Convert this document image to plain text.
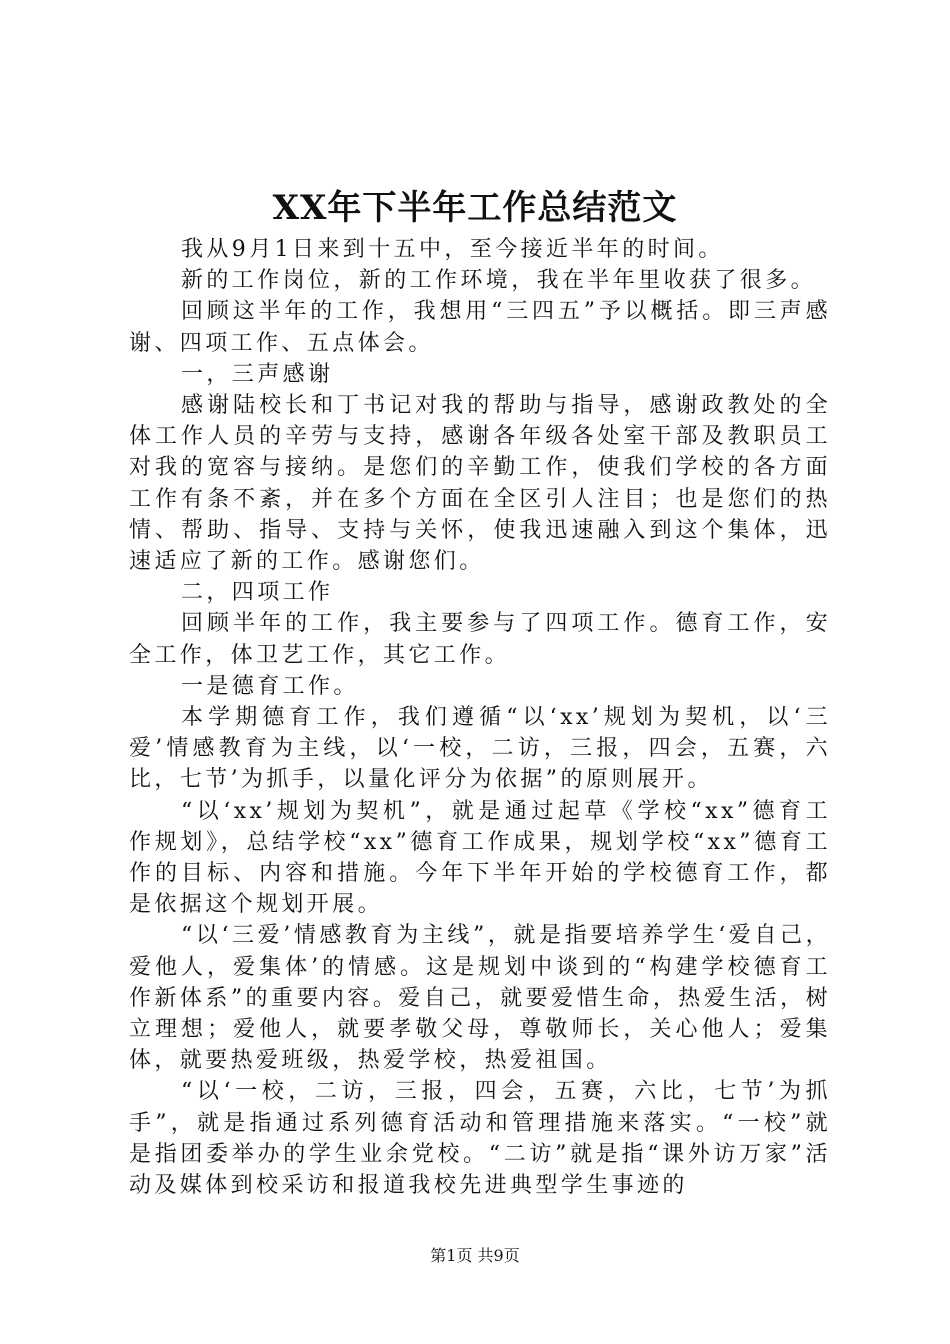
XX年下半年工作总结范文

我从9月1日来到十五中，至今接近半年的时间。

新的工作岗位，新的工作环境，我在半年里收获了很多。

回顾这半年的工作，我想用“三四五”予以概括。即三声感谢、四项工作、五点体会。

一，三声感谢

感谢陆校长和丁书记对我的帮助与指导，感谢政教处的全体工作人员的辛劳与支持，感谢各年级各处室干部及教职员工对我的宽容与接纳。是您们的辛勤工作，使我们学校的各方面工作有条不紊，并在多个方面在全区引人注目；也是您们的热情、帮助、指导、支持与关怀，使我迅速融入到这个集体，迅速适应了新的工作。感谢您们。

二，四项工作

回顾半年的工作，我主要参与了四项工作。德育工作，安全工作，体卫艺工作，其它工作。

一是德育工作。

本学期德育工作，我们遵循“以‘xx’规划为契机，以‘三爱’情感教育为主线，以‘一校，二访，三报，四会，五赛，六比，七节’为抓手，以量化评分为依据”的原则展开。

“以‘xx’规划为契机”，就是通过起草《学校“xx”德育工作规划》，总结学校“xx”德育工作成果，规划学校“xx”德育工作的目标、内容和措施。今年下半年开始的学校德育工作，都是依据这个规划开展。

“以‘三爱’情感教育为主线”，就是指要培养学生‘爱自己，爱他人，爱集体’的情感。这是规划中谈到的“构建学校德育工作新体系”的重要内容。爱自己，就要爱惜生命，热爱生活，树立理想；爱他人，就要孝敬父母，尊敬师长，关心他人；爱集体，就要热爱班级，热爱学校，热爱祖国。

“以‘一校，二访，三报，四会，五赛，六比，七节’为抓手”，就是指通过系列德育活动和管理措施来落实。“一校”就是指团委举办的学生业余党校。“二访”就是指“课外访万家”活动及媒体到校采访和报道我校先进典型学生事迹的

第1页 共9页
